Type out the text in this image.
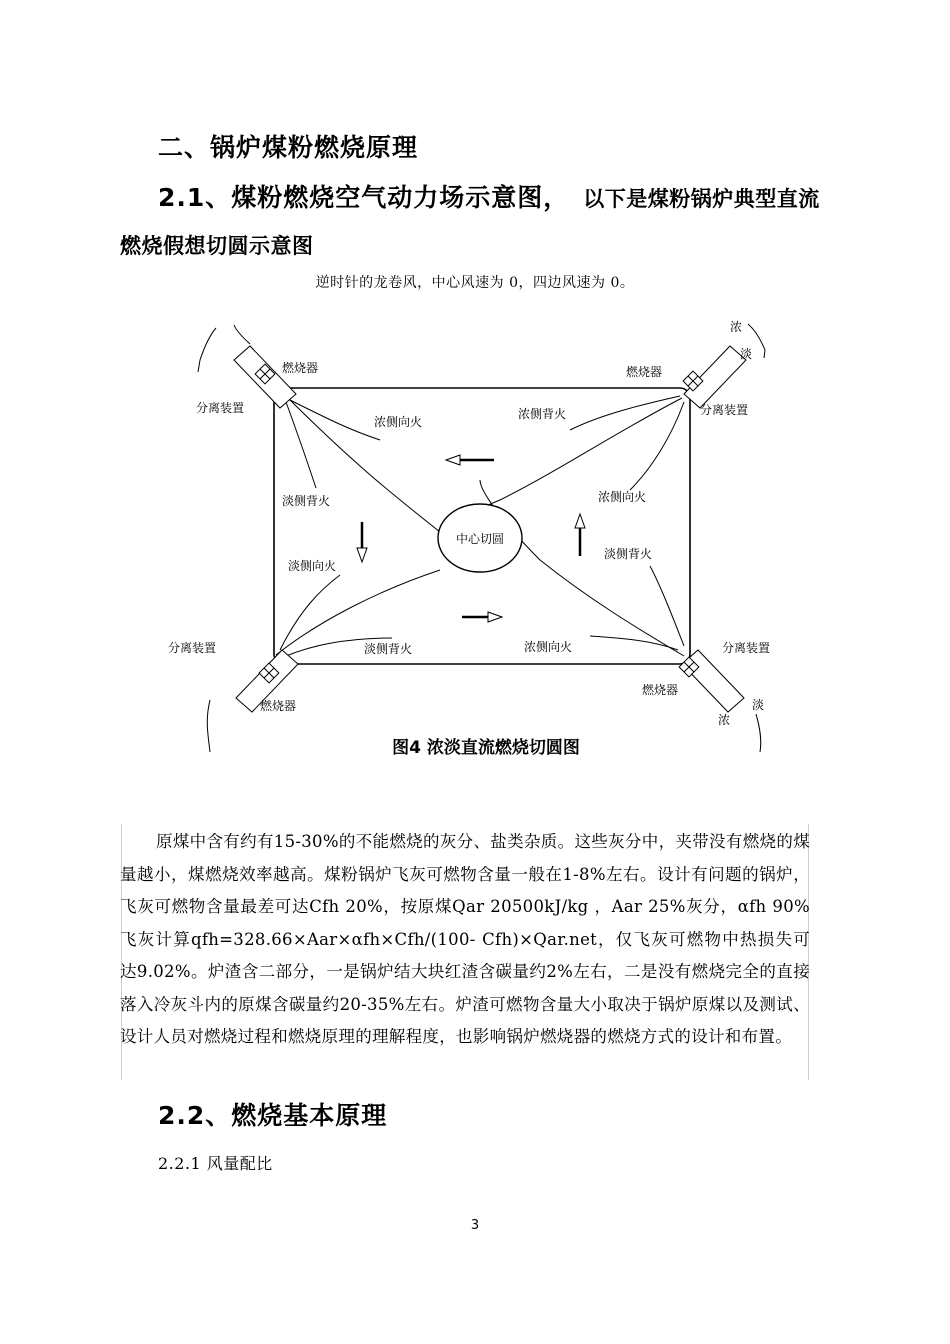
二、锅炉煤粉燃烧原理
2.1、煤粉燃烧空气动力场示意图， 以下是煤粉锅炉典型直流
燃烧假想切圆示意图
逆时针的龙卷风，中心风速为 0，四边风速为 0。
中心切圆
燃烧器
分离装置
浓侧向火
浓侧背火
燃烧器
分离装置
浓
淡
淡侧背火	浓侧向火
淡侧向火
淡侧背火
分离装置	淡侧背火	浓侧向火	分离装置
燃烧器
燃烧器
淡
浓
图4 浓淡直流燃烧切圆图

原煤中含有约有15-30%的不能燃烧的灰分、盐类杂质。这些灰分中，夹带没有燃烧的煤量越小，煤燃烧效率越高。煤粉锅炉飞灰可燃物含量一般在1-8%左右。设计有问题的锅炉，飞灰可燃物含量最差可达Cfh 20%，按原煤Qar 20500kJ/kg ，Aar 25%灰分，αfh 90%飞灰计算qfh=328.66×Aar×αfh×Cfh/(100- Cfh)×Qar.net，仅飞灰可燃物中热损失可达9.02%。炉渣含二部分，一是锅炉结大块红渣含碳量约2%左右，二是没有燃烧完全的直接落入冷灰斗内的原煤含碳量约20-35%左右。炉渣可燃物含量大小取决于锅炉原煤以及测试、设计人员对燃烧过程和燃烧原理的理解程度，也影响锅炉燃烧器的燃烧方式的设计和布置。

2.2、燃烧基本原理
2.2.1 风量配比
3
